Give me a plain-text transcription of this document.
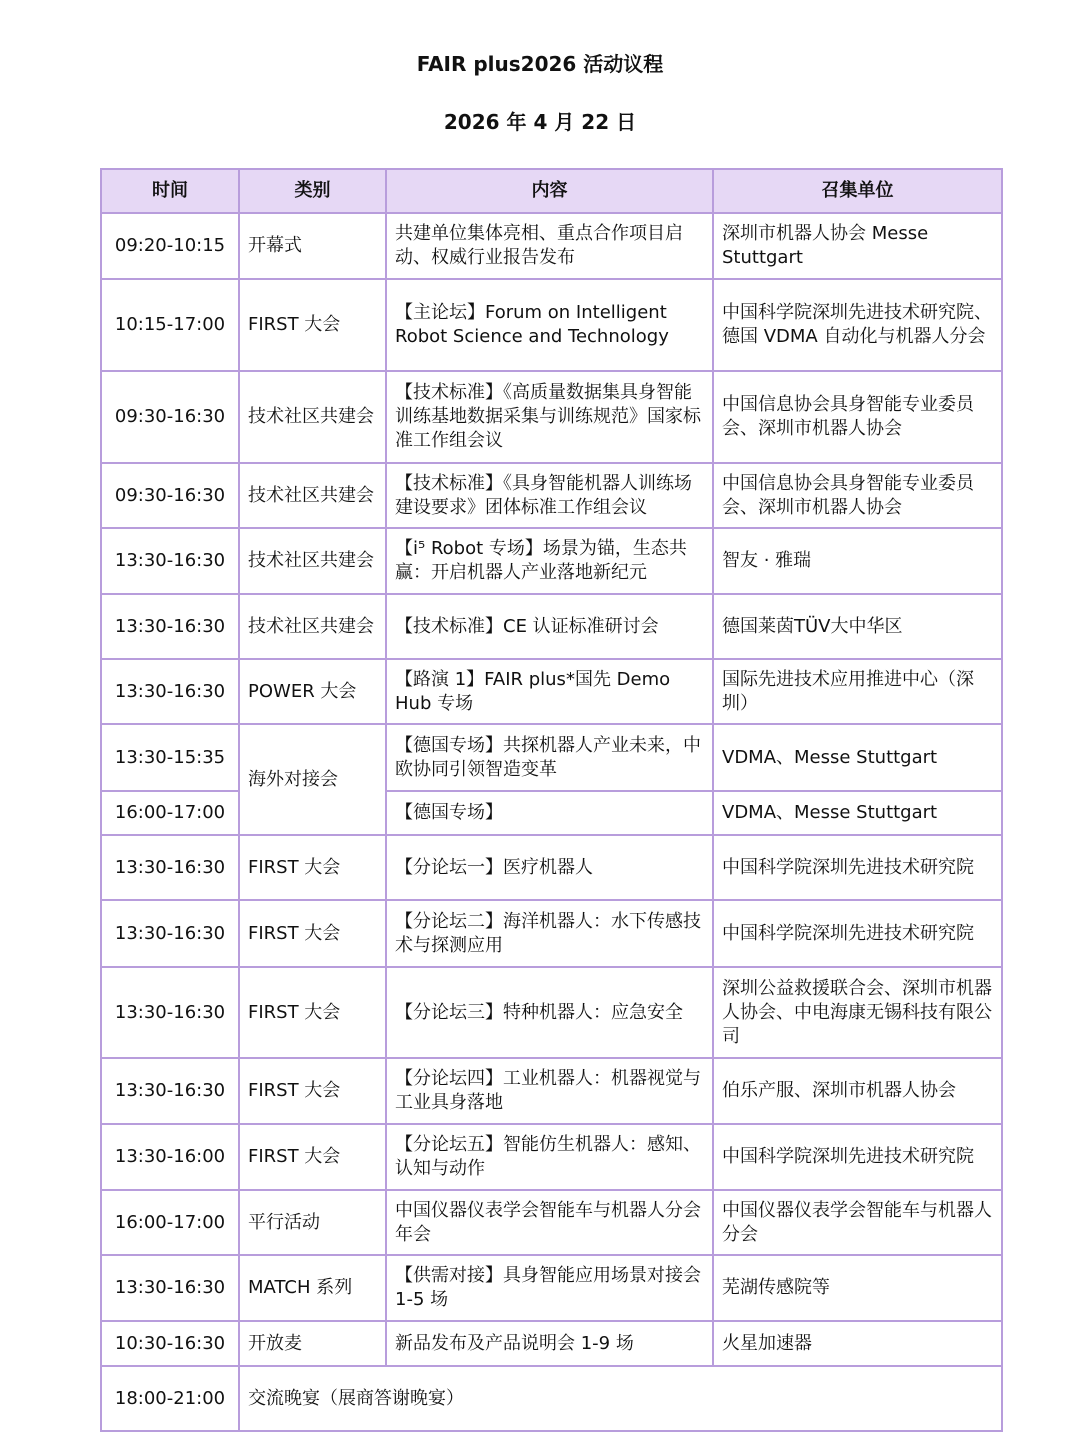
FAIR plus2026 活动议程
2026 年 4 月 22 日
时间	类别	内容	召集单位
09:20-10:15	开幕式	共建单位集体亮相、重点合作项目启动、权威行业报告发布	深圳市机器人协会 Messe Stuttgart
10:15-17:00	FIRST 大会	【主论坛】Forum on Intelligent Robot Science and Technology	中国科学院深圳先进技术研究院、德国 VDMA 自动化与机器人分会
09:30-16:30	技术社区共建会	【技术标准】《高质量数据集具身智能训练基地数据采集与训练规范》国家标准工作组会议	中国信息协会具身智能专业委员会、深圳市机器人协会
09:30-16:30	技术社区共建会	【技术标准】《具身智能机器人训练场建设要求》团体标准工作组会议	中国信息协会具身智能专业委员会、深圳市机器人协会
13:30-16:30	技术社区共建会	【i⁵ Robot 专场】场景为锚，生态共赢：开启机器人产业落地新纪元	智友 · 雅瑞
13:30-16:30	技术社区共建会	【技术标准】CE 认证标准研讨会	德国莱茵TÜV大中华区
13:30-16:30	POWER 大会	【路演 1】FAIR plus*国先 Demo Hub 专场	国际先进技术应用推进中心（深圳）
13:30-15:35	海外对接会	【德国专场】共探机器人产业未来，中欧协同引领智造变革	VDMA、Messe Stuttgart
16:00-17:00		【德国专场】	VDMA、Messe Stuttgart
13:30-16:30	FIRST 大会	【分论坛一】医疗机器人	中国科学院深圳先进技术研究院
13:30-16:30	FIRST 大会	【分论坛二】海洋机器人：水下传感技术与探测应用	中国科学院深圳先进技术研究院
13:30-16:30	FIRST 大会	【分论坛三】特种机器人：应急安全	深圳公益救援联合会、深圳市机器人协会、中电海康无锡科技有限公司
13:30-16:30	FIRST 大会	【分论坛四】工业机器人：机器视觉与工业具身落地	伯乐产服、深圳市机器人协会
13:30-16:00	FIRST 大会	【分论坛五】智能仿生机器人：感知、认知与动作	中国科学院深圳先进技术研究院
16:00-17:00	平行活动	中国仪器仪表学会智能车与机器人分会年会	中国仪器仪表学会智能车与机器人分会
13:30-16:30	MATCH 系列	【供需对接】具身智能应用场景对接会 1-5 场	芜湖传感院等
10:30-16:30	开放麦	新品发布及产品说明会 1-9 场	火星加速器
18:00-21:00	交流晚宴（展商答谢晚宴）		
